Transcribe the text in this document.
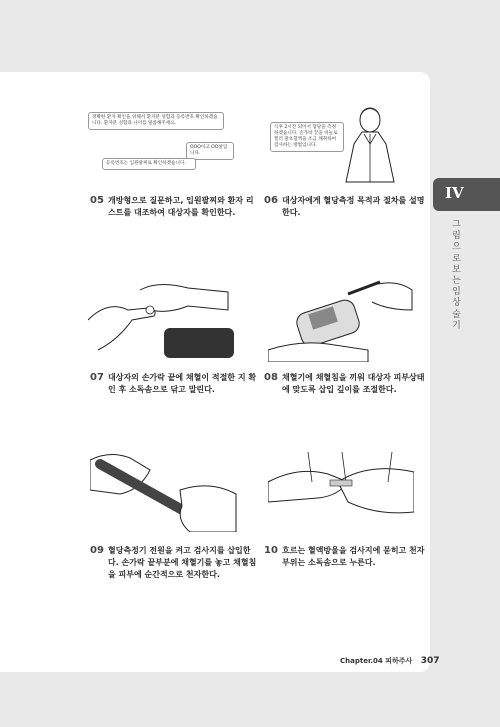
IV
그림으로 보는 임상술기
정확한 환자 확인을 위해서 환자분 성함과 등록번호 확인하겠습니다. 환자분 성함과 나이를 말씀해주세요.
OOO이고 OO살입니다.
등록번호는 입원팔찌로 확인하겠습니다.
식후 2시간 되어서 혈당을 측정하겠습니다. 손가락 끝을 바늘로 찔러 말초혈액을 조금 채취하여 검사하는 방법입니다.
05 개방형으로 질문하고, 입원팔찌와 환자 리스트를 대조하여 대상자를 확인한다.
06 대상자에게 혈당측정 목적과 절차를 설명한다.
07 대상자의 손가락 끝에 채혈이 적절한 지 확인 후 소독솜으로 닦고 말린다.
08 채혈기에 채혈침을 끼워 대상자 피부상태에 맞도록 삽입 깊이를 조절한다.
09 혈당측정기 전원을 켜고 검사지를 삽입한다. 손가락 끝부분에 채혈기를 놓고 채혈침을 피부에 순간적으로 천자한다.
10 흐르는 혈액방울을 검사지에 묻히고 천자부위는 소독솜으로 누른다.
Chapter.04 피하주사 307
